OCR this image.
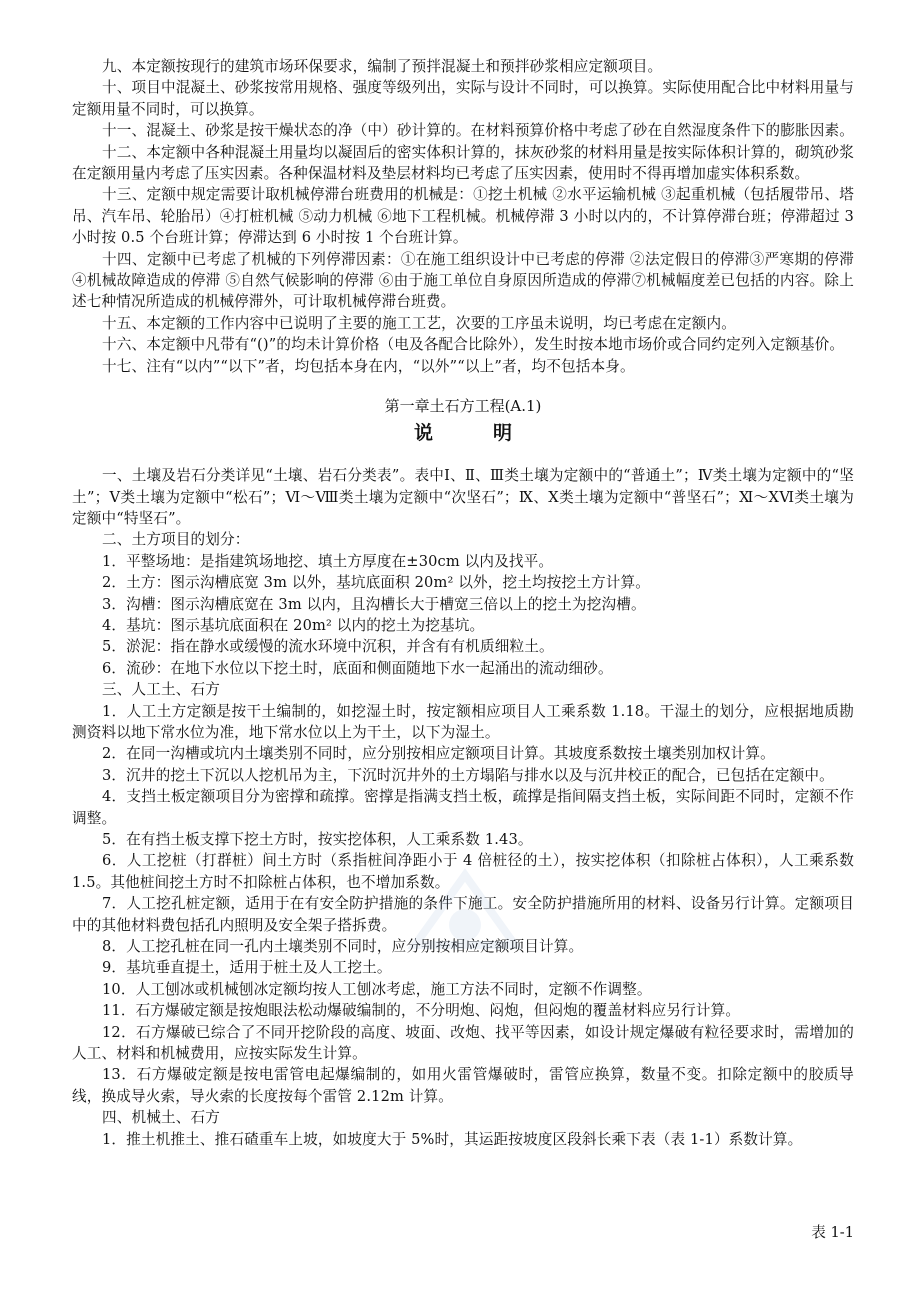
九、本定额按现行的建筑市场环保要求，编制了预拌混凝土和预拌砂浆相应定额项目。

十、项目中混凝土、砂浆按常用规格、强度等级列出，实际与设计不同时，可以换算。实际使用配合比中材料用量与定额用量不同时，可以换算。

十一、混凝土、砂浆是按干燥状态的净（中）砂计算的。在材料预算价格中考虑了砂在自然湿度条件下的膨胀因素。

十二、本定额中各种混凝土用量均以凝固后的密实体积计算的，抹灰砂浆的材料用量是按实际体积计算的，砌筑砂浆在定额用量内考虑了压实因素。各种保温材料及垫层材料均已考虑了压实因素，使用时不得再增加虚实体积系数。

十三、定额中规定需要计取机械停滞台班费用的机械是：①挖土机械 ②水平运输机械 ③起重机械（包括履带吊、塔吊、汽车吊、轮胎吊）④打桩机械 ⑤动力机械 ⑥地下工程机械。机械停滞 3 小时以内的，不计算停滞台班；停滞超过 3 小时按 0.5 个台班计算；停滞达到 6 小时按 1 个台班计算。

十四、定额中已考虑了机械的下列停滞因素：①在施工组织设计中已考虑的停滞 ②法定假日的停滞③严寒期的停滞 ④机械故障造成的停滞 ⑤自然气候影响的停滞 ⑥由于施工单位自身原因所造成的停滞⑦机械幅度差已包括的内容。除上述七种情况所造成的机械停滞外，可计取机械停滞台班费。

十五、本定额的工作内容中已说明了主要的施工工艺，次要的工序虽未说明，均已考虑在定额内。

十六、本定额中凡带有“()”的均未计算价格（电及各配合比除外），发生时按本地市场价或合同约定列入定额基价。

十七、注有“以内”“以下”者，均包括本身在内，“以外”“以上”者，均不包括本身。

第一章土石方工程(A.1)
说	明

一、土壤及岩石分类详见“土壤、岩石分类表”。表中Ⅰ、Ⅱ、Ⅲ类土壤为定额中的“普通土”；Ⅳ类土壤为定额中的“坚土”；Ⅴ类土壤为定额中“松石”；Ⅵ～Ⅷ类土壤为定额中“次坚石”；Ⅸ、Ⅹ类土壤为定额中“普坚石”；Ⅺ～ⅩⅥ类土壤为定额中“特坚石”。

二、土方项目的划分：

1．平整场地：是指建筑场地挖、填土方厚度在±30cm 以内及找平。

2．土方：图示沟槽底宽 3m 以外，基坑底面积 20m² 以外，挖土均按挖土方计算。

3．沟槽：图示沟槽底宽在 3m 以内，且沟槽长大于槽宽三倍以上的挖土为挖沟槽。

4．基坑：图示基坑底面积在 20m² 以内的挖土为挖基坑。

5．淤泥：指在静水或缓慢的流水环境中沉积，并含有有机质细粒土。

6．流砂：在地下水位以下挖土时，底面和侧面随地下水一起涌出的流动细砂。

三、人工土、石方

1．人工土方定额是按干土编制的，如挖湿土时，按定额相应项目人工乘系数 1.18。干湿土的划分，应根据地质勘测资料以地下常水位为准，地下常水位以上为干土，以下为湿土。

2．在同一沟槽或坑内土壤类别不同时，应分别按相应定额项目计算。其坡度系数按土壤类别加权计算。

3．沉井的挖土下沉以人挖机吊为主，下沉时沉井外的土方塌陷与排水以及与沉井校正的配合，已包括在定额中。

4．支挡土板定额项目分为密撑和疏撑。密撑是指满支挡土板，疏撑是指间隔支挡土板，实际间距不同时，定额不作调整。

5．在有挡土板支撑下挖土方时，按实挖体积，人工乘系数 1.43。

6．人工挖桩（打群桩）间土方时（系指桩间净距小于 4 倍桩径的土），按实挖体积（扣除桩占体积），人工乘系数 1.5。其他桩间挖土方时不扣除桩占体积，也不增加系数。

7．人工挖孔桩定额，适用于在有安全防护措施的条件下施工。安全防护措施所用的材料、设备另行计算。定额项目中的其他材料费包括孔内照明及安全架子搭拆费。

8．人工挖孔桩在同一孔内土壤类别不同时，应分别按相应定额项目计算。

9．基坑垂直提土，适用于桩土及人工挖土。

10．人工刨冰或机械刨冰定额均按人工刨冰考虑，施工方法不同时，定额不作调整。

11．石方爆破定额是按炮眼法松动爆破编制的，不分明炮、闷炮，但闷炮的覆盖材料应另行计算。

12．石方爆破已综合了不同开挖阶段的高度、坡面、改炮、找平等因素，如设计规定爆破有粒径要求时，需增加的人工、材料和机械费用，应按实际发生计算。

13．石方爆破定额是按电雷管电起爆编制的，如用火雷管爆破时，雷管应换算，数量不变。扣除定额中的胶质导线，换成导火索，导火索的长度按每个雷管 2.12m 计算。

四、机械土、石方

1．推土机推土、推石碴重车上坡，如坡度大于 5%时，其运距按坡度区段斜长乘下表（表 1-1）系数计算。

表 1-1
